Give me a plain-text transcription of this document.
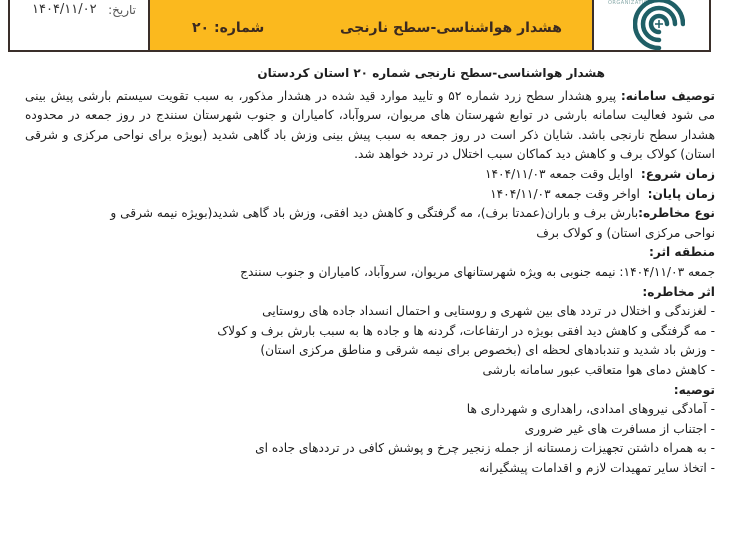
۱۴۰۴/۱۱/۰۲ تاریخ:
شماره: ۲۰	هشدار هواشناسی-سطح نارنجی
ORGANIZATION

هشدار هواشناسی-سطح نارنجی شماره ۲۰ استان کردستان

توصیف سامانه: پیرو هشدار سطح زرد شماره ۵۲ و تایید موارد قید شده در هشدار مذکور، به سبب تقویت سیستم بارشی پیش بینی می شود فعالیت سامانه بارشی در توابع شهرستان های مریوان، سروآباد، کامیاران و جنوب شهرستان سنندج در روز جمعه در محدوده هشدار سطح نارنجی باشد. شایان ذکر است در روز جمعه به سبب پیش بینی وزش باد گاهی شدید (بویژه برای نواحی مرکزی و شرقی استان) کولاک برف و کاهش دید کماکان سبب اختلال در تردد خواهد شد.

زمان شروع:  اوایل وقت جمعه ۱۴۰۴/۱۱/۰۳

زمان پایان:  اواخر وقت جمعه ۱۴۰۴/۱۱/۰۳

نوع مخاطره:بارش برف و باران(عمدتا برف)، مه گرفتگی و کاهش دید افقی، وزش باد گاهی شدید(بویژه نیمه شرقی و نواحی مرکزی استان) و کولاک برف

منطقه اثر:

جمعه ۱۴۰۴/۱۱/۰۳: نیمه جنوبی به ویژه شهرستانهای مریوان، سروآباد، کامیاران و جنوب سنندج

اثر مخاطره:

- لغزندگی و اختلال در تردد های بین شهری و روستایی و احتمال انسداد جاده های روستایی

- مه گرفتگی و کاهش دید افقی بویژه در ارتفاعات، گردنه ها و جاده ها به سبب بارش برف و کولاک

- وزش باد شدید و تندبادهای لحظه ای (بخصوص برای نیمه شرقی و مناطق مرکزی استان)

- کاهش دمای هوا متعاقب عبور سامانه بارشی

توصیه:

- آمادگی نیروهای امدادی، راهداری و شهرداری ها

- اجتناب از مسافرت های غیر ضروری

- به همراه داشتن تجهیزات زمستانه از جمله زنجیر چرخ و پوشش کافی در ترددهای جاده ای

- اتخاذ سایر تمهیدات لازم و اقدامات پیشگیرانه
